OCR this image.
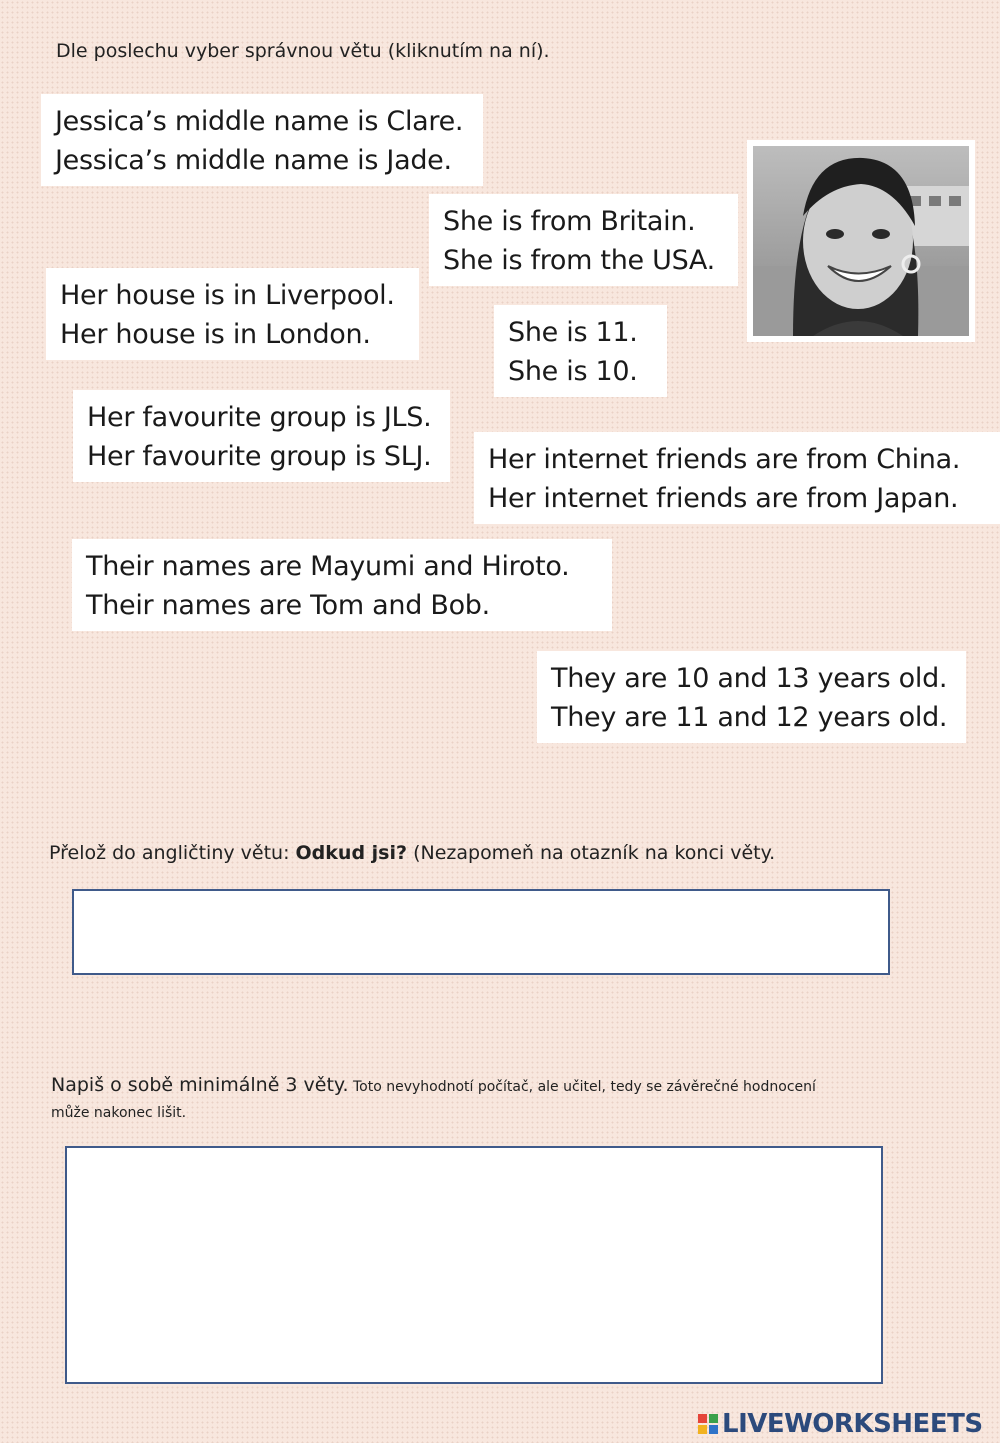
Dle poslechu vyber správnou větu (kliknutím na ní).
Jessica’s middle name is Clare.
Jessica’s middle name is Jade.
She is from Britain.
She is from the USA.
Her house is in Liverpool.
Her house is in London.	She is 11.
She is 10.
Her favourite group is JLS.
Her favourite group is SLJ. Her internet friends are from China.
Her internet friends are from Japan.
Their names are Mayumi and Hiroto.
Their names are Tom and Bob.
They are 10 and 13 years old.
They are 11 and 12 years old.
Přelož do angličtiny větu: Odkud jsi? (Nezapomeň na otazník na konci věty.
Napiš o sobě minimálně 3 věty. Toto nevyhodnotí počítač, ale učitel, tedy se závěrečné hodnocení
může nakonec lišit.
LIVEWORKSHEETS
